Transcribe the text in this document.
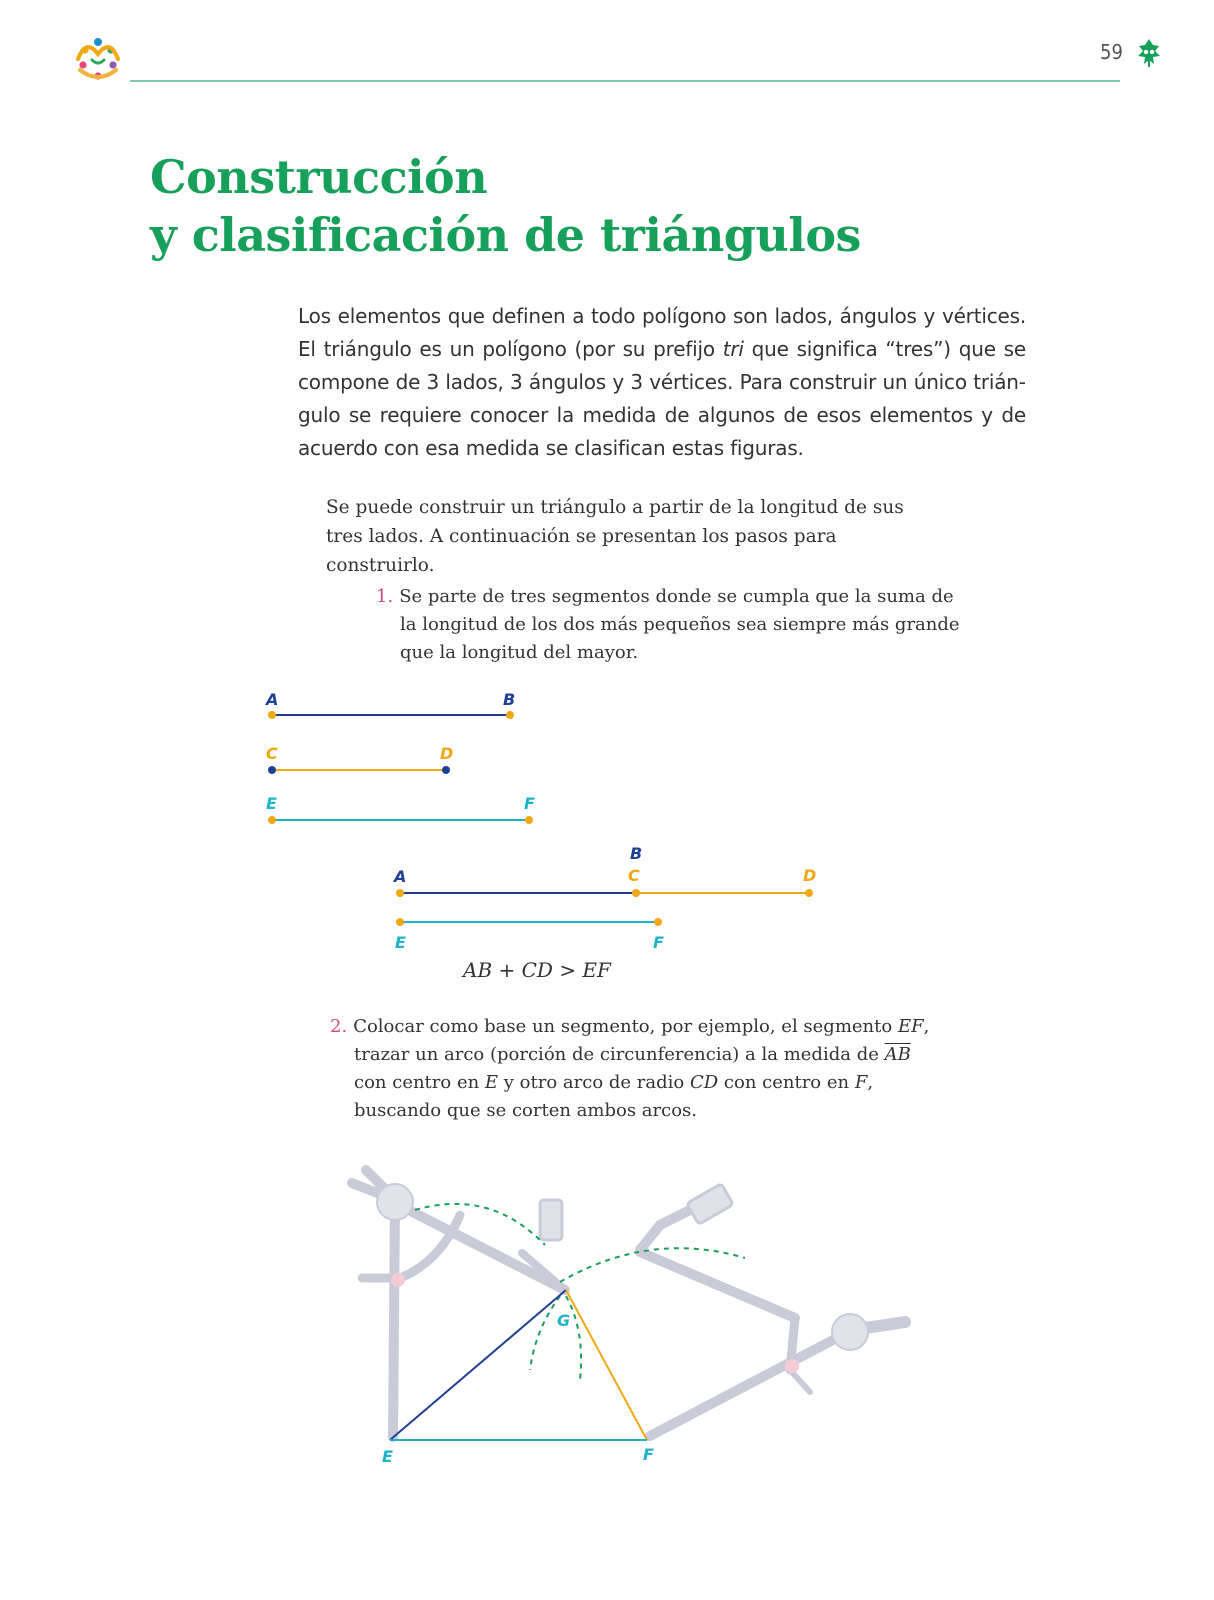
59
Construcción
y clasificación de triángulos

Los elementos que definen a todo polígono son lados, ángulos y vértices. El triángulo es un polígono (por su prefijo tri que significa “tres”) que se compone de 3 lados, 3 ángulos y 3 vértices. Para construir un único triángulo se requiere conocer la medida de algunos de esos elementos y de acuerdo con esa medida se clasifican estas figuras.

Se puede construir un triángulo a partir de la longitud de sus tres lados. A continuación se presentan los pasos para construirlo.

1. Se parte de tres segmentos donde se cumpla que la suma de la longitud de los dos más pequeños sea siempre más grande que la longitud del mayor.

A	B
C	D
E	F
A
B
C	D
E	F
E	F
G
AB + CD > EF

2. Colocar como base un segmento, por ejemplo, el segmento EF, trazar un arco (porción de circunferencia) a la medida de $\overline{AB}$ con centro en E y otro arco de radio CD con centro en F, buscando que se corten ambos arcos.
